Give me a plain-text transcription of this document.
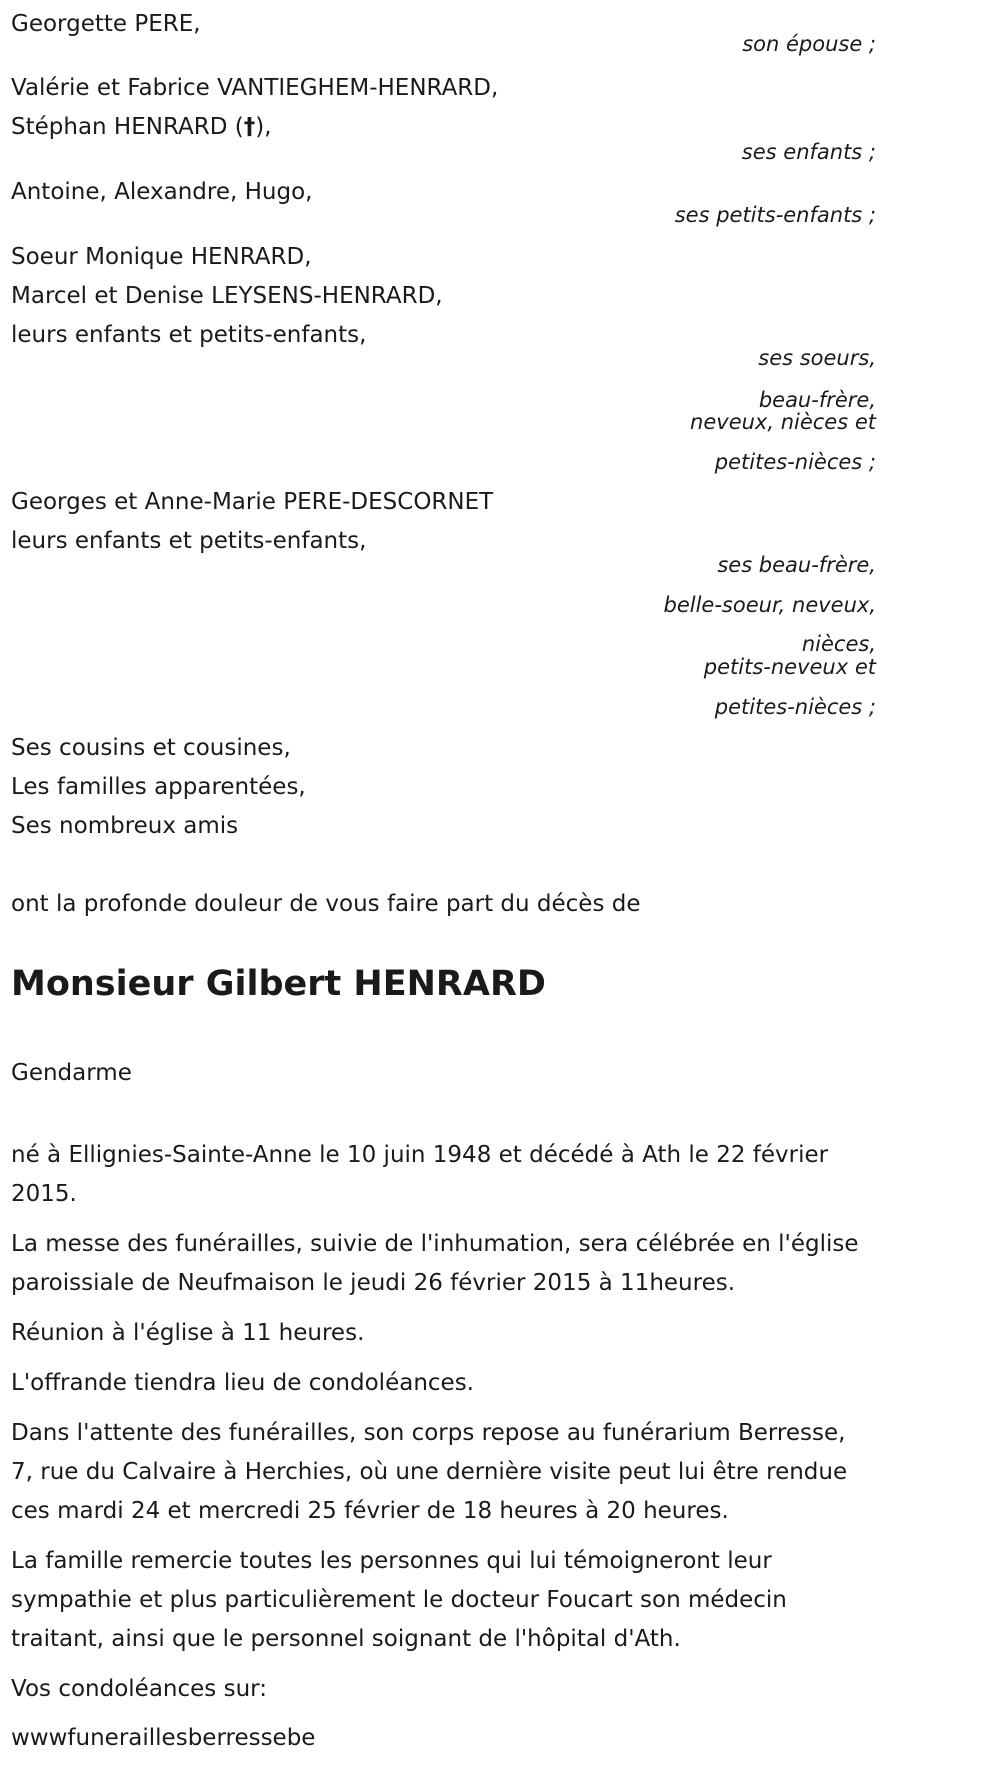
Georgette PERE,

son épouse ;

Valérie et Fabrice VANTIEGHEM-HENRARD,

Stéphan HENRARD (†),

ses enfants ;

Antoine, Alexandre, Hugo,

ses petits-enfants ;

Soeur Monique HENRARD,

Marcel et Denise LEYSENS-HENRARD,

leurs enfants et petits-enfants,

ses soeurs,

beau-frère,

neveux, nièces et

petites-nièces ;

Georges et Anne-Marie PERE-DESCORNET

leurs enfants et petits-enfants,

ses beau-frère,

belle-soeur, neveux,

nièces,

petits-neveux et

petites-nièces ;

Ses cousins et cousines,

Les familles apparentées,

Ses nombreux amis

ont la profonde douleur de vous faire part du décès de

Monsieur Gilbert HENRARD

Gendarme

né à Ellignies-Sainte-Anne le 10 juin 1948 et décédé à Ath le 22 février

2015.

La messe des funérailles, suivie de l'inhumation, sera célébrée en l'église

paroissiale de Neufmaison le jeudi 26 février 2015 à 11heures.

Réunion à l'église à 11 heures.

L'offrande tiendra lieu de condoléances.

Dans l'attente des funérailles, son corps repose au funérarium Berresse,

7, rue du Calvaire à Herchies, où une dernière visite peut lui être rendue

ces mardi 24 et mercredi 25 février de 18 heures à 20 heures.

La famille remercie toutes les personnes qui lui témoigneront leur

sympathie et plus particulièrement le docteur Foucart son médecin

traitant, ainsi que le personnel soignant de l'hôpital d'Ath.

Vos condoléances sur:

wwwfuneraillesberressebe
